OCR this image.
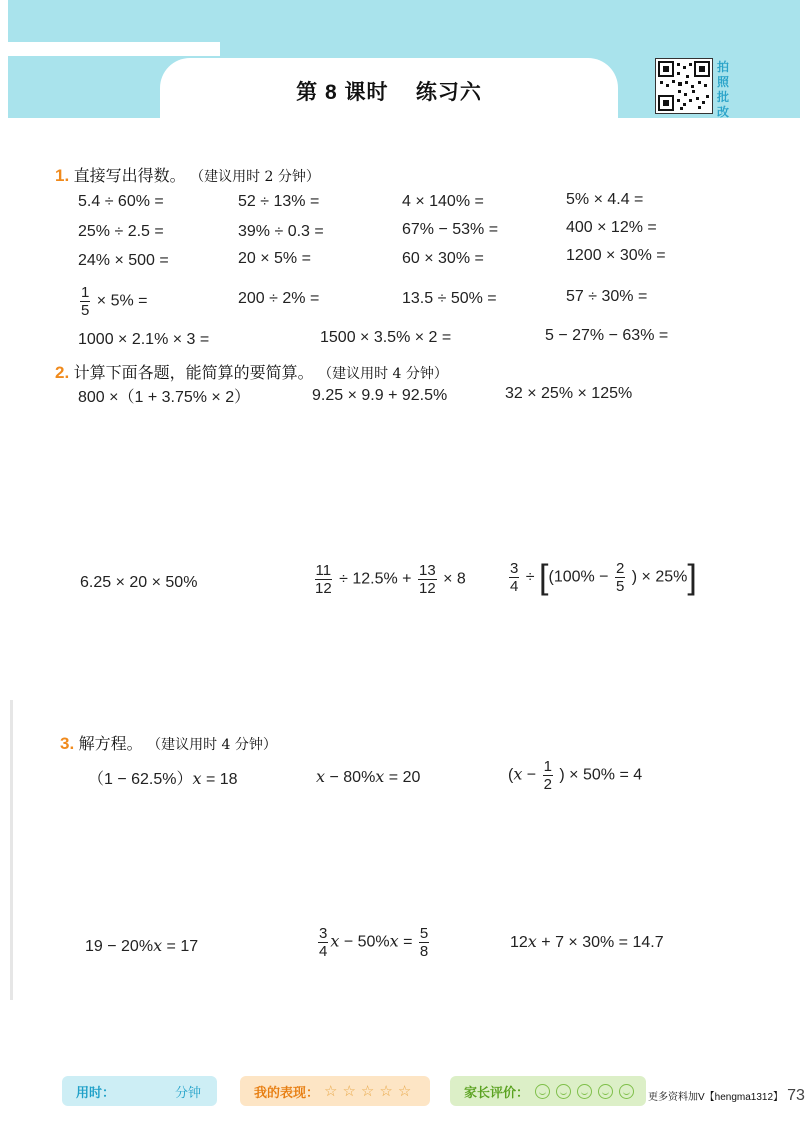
第 8 课时    练习六
拍照批改
1. 直接写出得数。 （建议用时 2 分钟）
5.4 ÷ 60% =	52 ÷ 13% =	4 × 140% =	5% × 4.4 =
25% ÷ 2.5 =	39% ÷ 0.3 =	67% − 53% =	400 × 12% =
24% × 500 =	20 × 5% =	60 × 30% =	1200 × 30% =
$\frac{1}{5} \times 5\%$ =	200 ÷ 2% =	13.5 ÷ 50% =	57 ÷ 30% =
1000 × 2.1% × 3 =	1500 × 3.5% × 2 =	5 − 27% − 63% =
2. 计算下面各题，能简算的要简算。 （建议用时 4 分钟）
800 ×（1 + 3.75% × 2）	9.25 × 9.9 + 92.5%	32 × 25% × 125%
6.25 × 20 × 50%	$\frac{11}{12} \div 12.5\% + \frac{13}{12} \times 8$	$\frac{3}{4} \div [(100\% - \frac{2}{5}$ ) × 25%]
3. 解方程。 （建议用时 4 分钟）
（1 − 62.5%）x = 18	x − 80%x = 20	($x - \frac{1}{2}$ ) × 50% = 4
19 − 20%x = 17	$\frac{3}{4}$ $x - 50\%x = \frac{5}{8}$	12x + 7 × 30% = 14.7
用时：	分钟	我的表现： ☆ ☆ ☆ ☆ ☆	家长评价：	更多资料加V【hengma1312】 73
